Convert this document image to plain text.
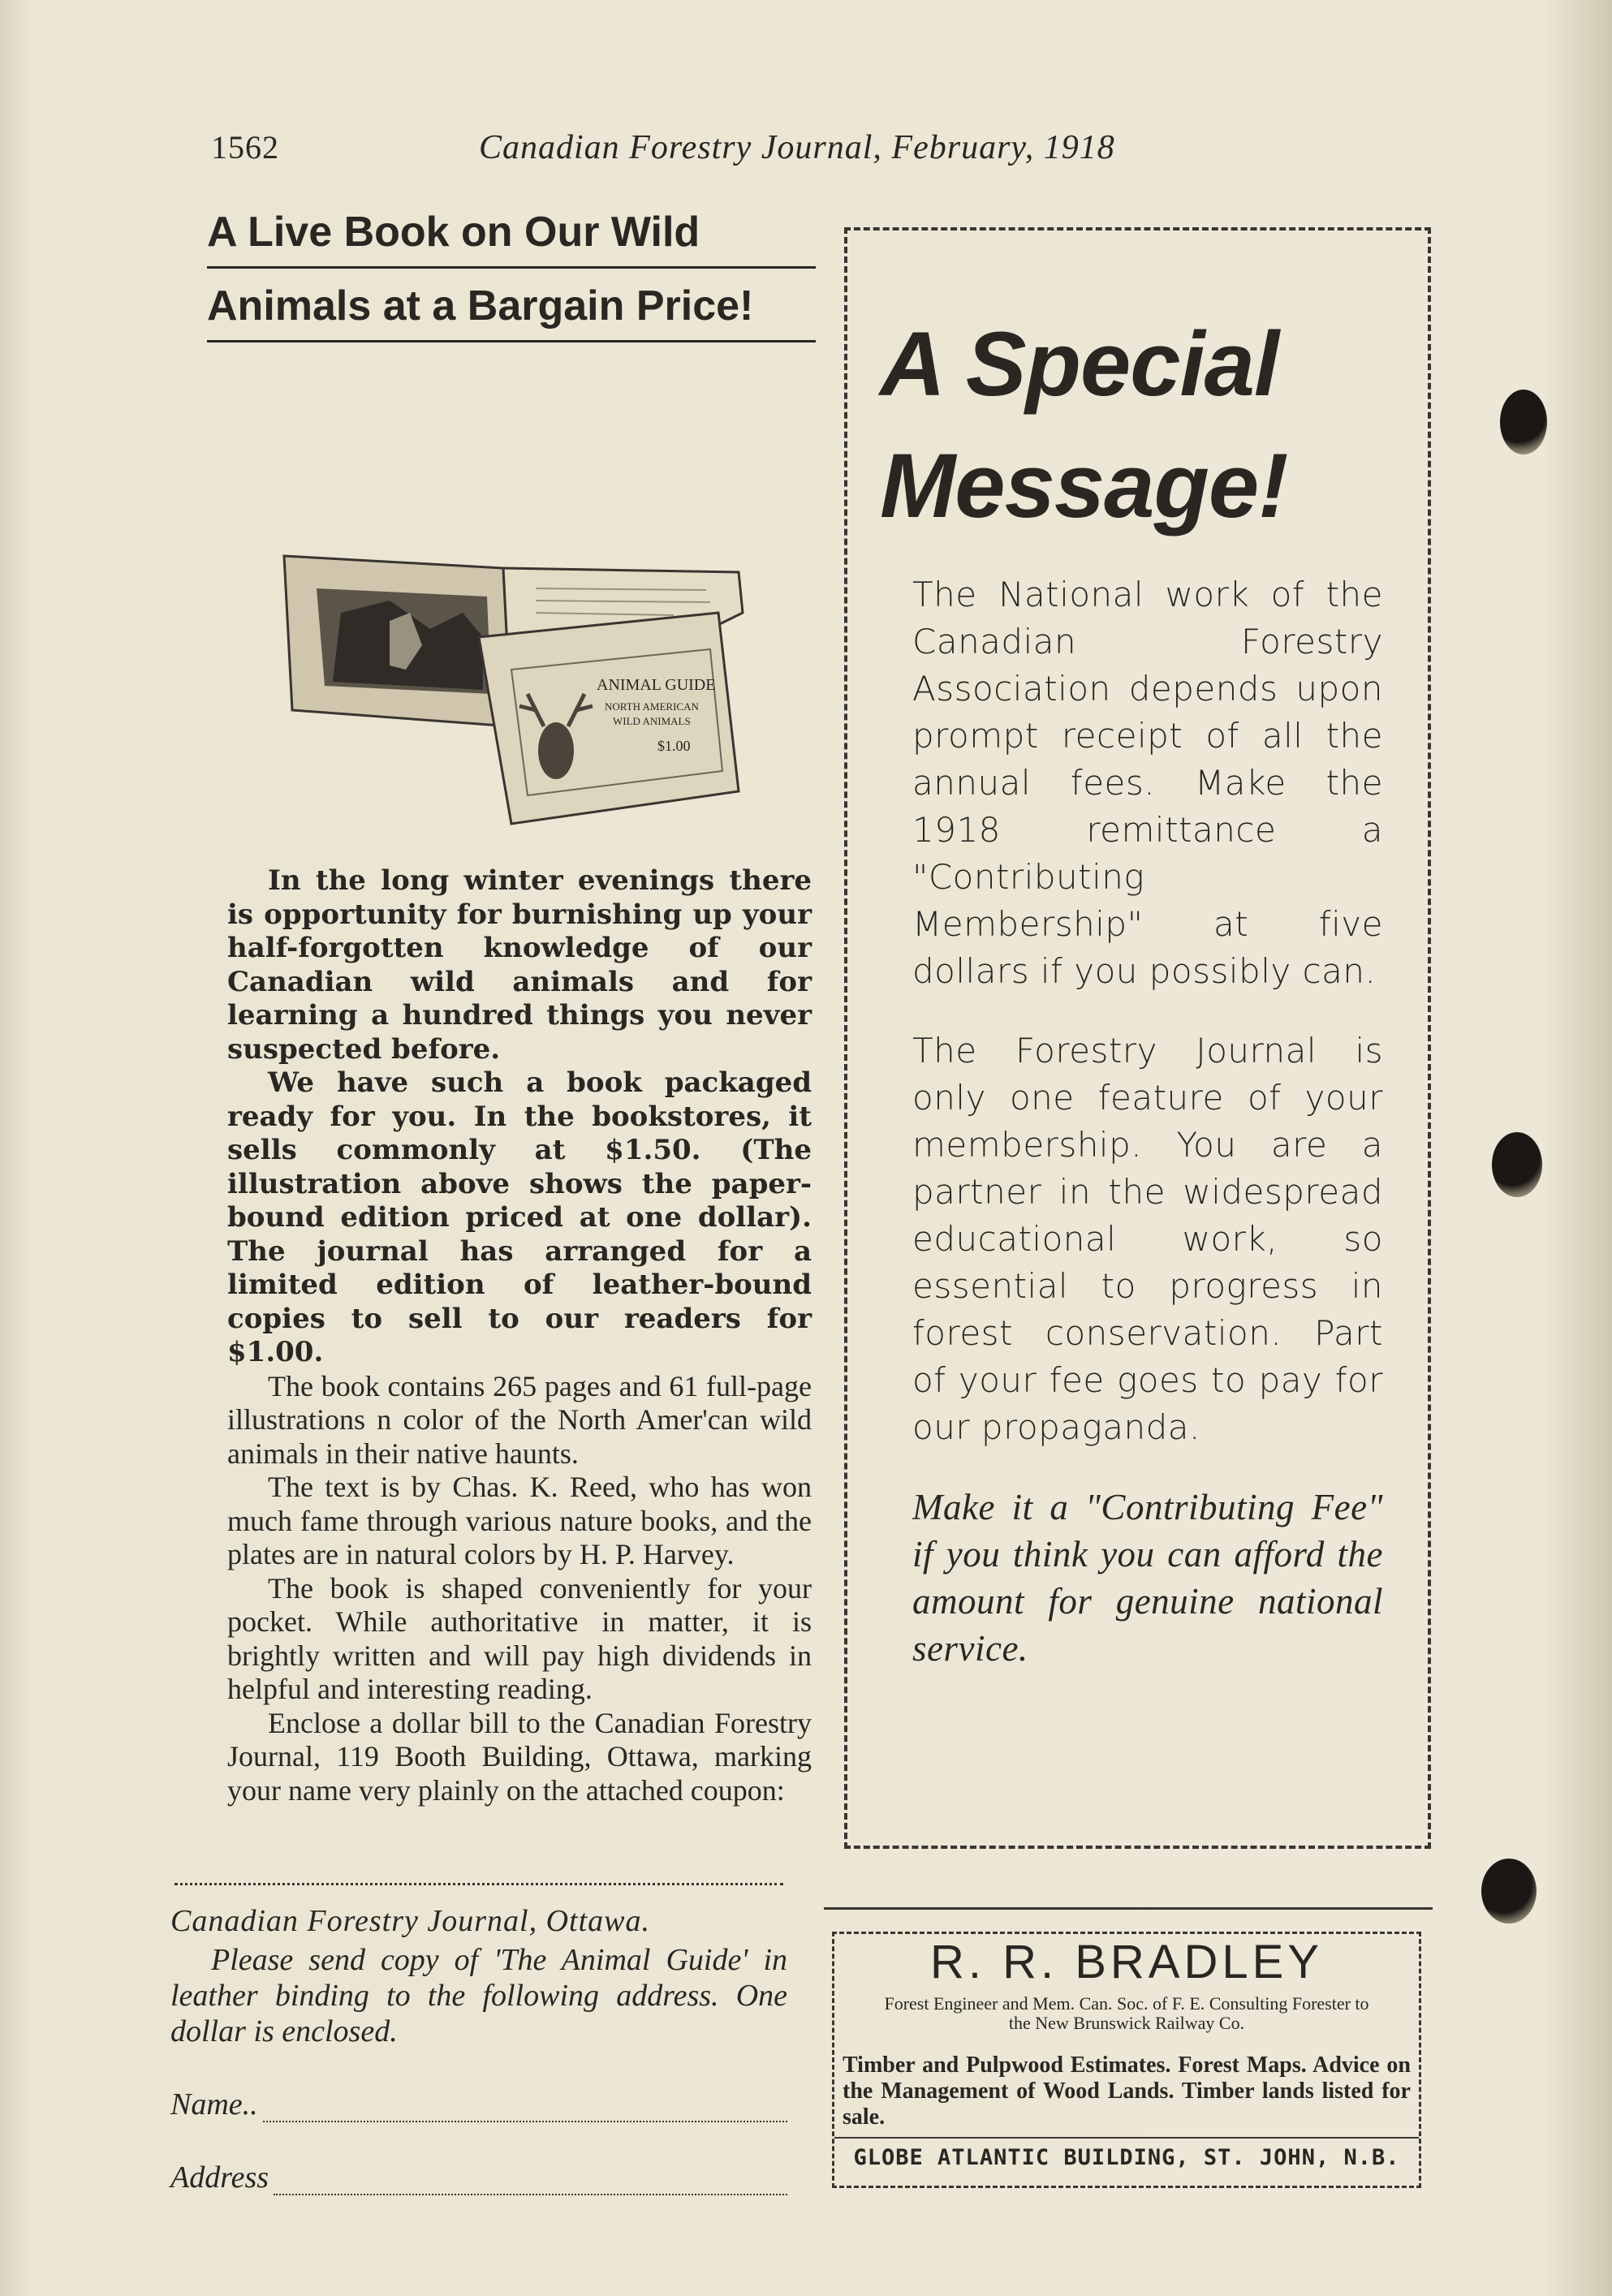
1562	Canadian Forestry Journal, February, 1918
A Live Book on Our Wild
Animals at a Bargain Price!
ANIMAL GUIDE
NORTH AMERICAN
WILD ANIMALS
$1.00

In the long winter evenings there is opportunity for burnishing up your half-forgotten knowledge of our Canadian wild animals and for learning a hundred things you never suspected before.

We have such a book packaged ready for you. In the bookstores, it sells commonly at $1.50. (The illustration above shows the paper-bound edition priced at one dollar). The journal has arranged for a limited edition of leather-bound copies to sell to our readers for $1.00.

The book contains 265 pages and 61 full-page illustrations n color of the North Amer'can wild animals in their native haunts.

The text is by Chas. K. Reed, who has won much fame through various nature books, and the plates are in natural colors by H. P. Harvey.

The book is shaped conveniently for your pocket. While authoritative in matter, it is brightly written and will pay high dividends in helpful and interesting reading.

Enclose a dollar bill to the Canadian Forestry Journal, 119 Booth Building, Ottawa, marking your name very plainly on the attached coupon:

Canadian Forestry Journal, Ottawa.
Please send copy of 'The Animal Guide' in leather binding to the following address. One dollar is enclosed.
Name..
Address
A Special
Message!

The National work of the Canadian Forestry Association depends upon prompt receipt of all the annual fees. Make the 1918 remittance a "Contributing Membership" at five dollars if you possibly can.

The Forestry Journal is only one feature of your membership. You are a partner in the widespread educational work, so essential to progress in forest conservation. Part of your fee goes to pay for our propaganda.

Make it a "Contributing Fee" if you think you can afford the amount for genuine national service.

R. R. BRADLEY
Forest Engineer and Mem. Can. Soc. of F. E. Consulting Forester to the New Brunswick Railway Co.
Timber and Pulpwood Estimates. Forest Maps. Advice on the Management of Wood Lands. Timber lands listed for sale.
GLOBE ATLANTIC BUILDING, ST. JOHN, N.B.
